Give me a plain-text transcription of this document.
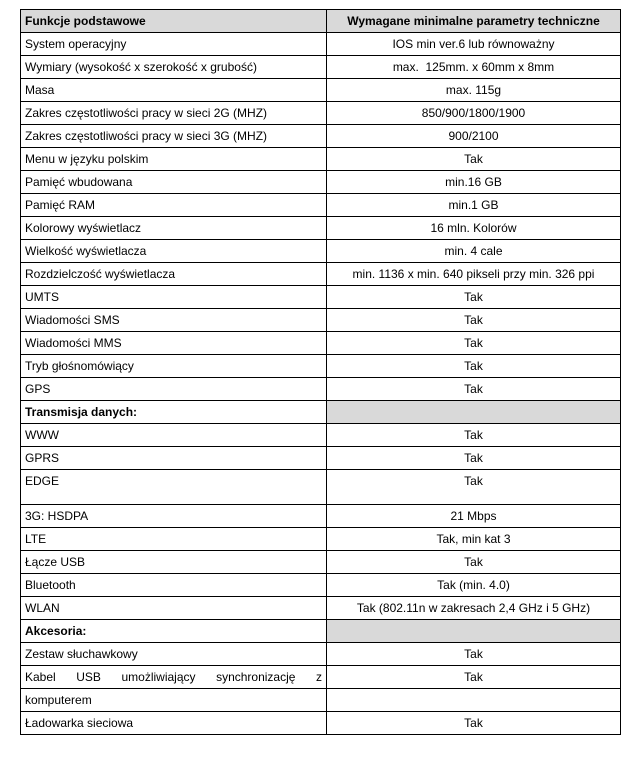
Funkcje podstawowe	Wymagane minimalne parametry techniczne
System operacyjny	IOS min ver.6 lub równoważny
Wymiary (wysokość x szerokość x grubość)	max.  125mm. x 60mm x 8mm
Masa	max. 115g
Zakres częstotliwości pracy w sieci 2G (MHZ)	850/900/1800/1900
Zakres częstotliwości pracy w sieci 3G (MHZ)	900/2100
Menu w języku polskim	Tak
Pamięć wbudowana	min.16 GB
Pamięć RAM	min.1 GB
Kolorowy wyświetlacz	16 mln. Kolorów
Wielkość wyświetlacza	min. 4 cale
Rozdzielczość wyświetlacza	min. 1136 x min. 640 pikseli przy min. 326 ppi
UMTS	Tak
Wiadomości SMS	Tak
Wiadomości MMS	Tak
Tryb głośnomówiący	Tak
GPS	Tak
Transmisja danych:	
WWW	Tak
GPRS	Tak
EDGE	Tak
3G: HSDPA	21 Mbps
LTE	Tak, min kat 3
Łącze USB	Tak
Bluetooth	Tak (min. 4.0)
WLAN	Tak (802.11n w zakresach 2,4 GHz i 5 GHz)
Akcesoria:	
Zestaw słuchawkowy	Tak
Kabel USB umożliwiający synchronizację z	Tak
komputerem	
Ładowarka sieciowa	Tak
